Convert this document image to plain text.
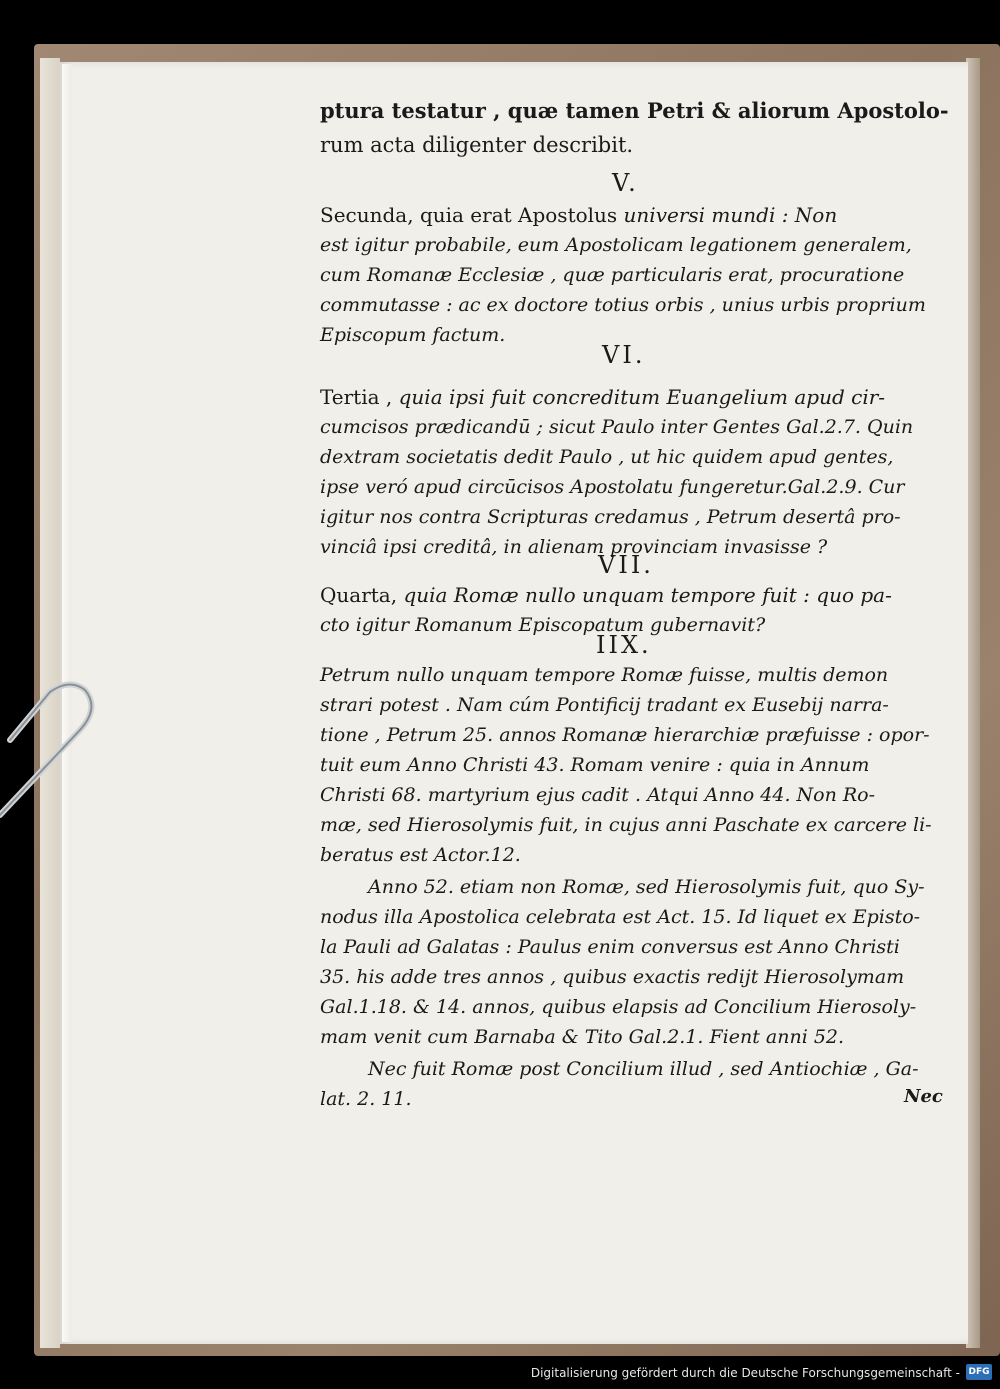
ptura testatur , quæ tamen Petri & aliorum Apostolo-
rum acta diligenter describit.
V.
Secunda, quia erat Apostolus universi mundi : Non
est igitur probabile, eum Apostolicam legationem generalem,
cum Romanæ Ecclesiæ , quæ particularis erat, procuratione
commutasse : ac ex doctore totius orbis , unius urbis proprium
Episcopum factum.
VI.
Tertia , quia ipsi fuit concreditum Euangelium apud cir-
cumcisos prædicandū ; sicut Paulo inter Gentes Gal.2.7. Quin
dextram societatis dedit Paulo , ut hic quidem apud gentes,
ipse veró apud circūcisos Apostolatu fungeretur.Gal.2.9. Cur
igitur nos contra Scripturas credamus , Petrum desertâ pro-
vinciâ ipsi creditâ, in alienam provinciam invasisse ?
VII.
Quarta, quia Romæ nullo unquam tempore fuit : quo pa-
cto igitur Romanum Episcopatum gubernavit?
IIX.
Petrum nullo unquam tempore Romæ fuisse, multis demon
strari potest . Nam cúm Pontificij tradant ex Eusebij narra-
tione , Petrum 25. annos Romanæ hierarchiæ præfuisse : opor-
tuit eum Anno Christi 43. Romam venire : quia in Annum
Christi 68. martyrium ejus cadit . Atqui Anno 44. Non Ro-
mæ, sed Hierosolymis fuit, in cujus anni Paschate ex carcere li-
beratus est Actor.12.
Anno 52. etiam non Romæ, sed Hierosolymis fuit, quo Sy-
nodus illa Apostolica celebrata est Act. 15. Id liquet ex Episto-
la Pauli ad Galatas : Paulus enim conversus est Anno Christi
35. his adde tres annos , quibus exactis redijt Hierosolymam
Gal.1.18. & 14. annos, quibus elapsis ad Concilium Hierosoly-
mam venit cum Barnaba & Tito Gal.2.1. Fient anni 52.
Nec fuit Romæ post Concilium illud , sed Antiochiæ , Ga-
lat. 2. 11.	Nec
Digitalisierung gefördert durch die Deutsche Forschungsgemeinschaft - DFG
